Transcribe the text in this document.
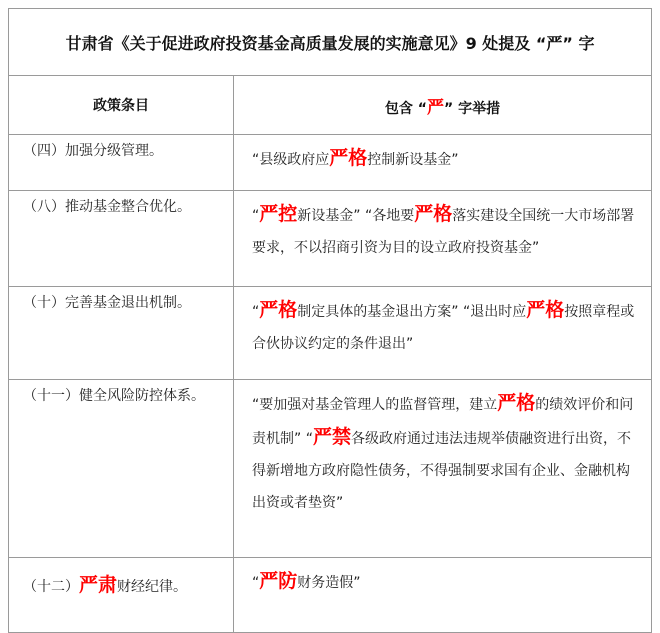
甘肃省《关于促进政府投资基金高质量发展的实施意见》9 处提及 “严” 字	
政策条目	包含 “严” 字举措
（四）加强分级管理。	“县级政府应严格控制新设基金”
（八）推动基金整合优化。	“严控新设基金” “各地要严格落实建设全国统一大市场部署要求，不以招商引资为目的设立政府投资基金”
（十）完善基金退出机制。	“严格制定具体的基金退出方案” “退出时应严格按照章程或合伙协议约定的条件退出”
（十一）健全风险防控体系。	“要加强对基金管理人的监督管理，建立严格的绩效评价和问责机制” “严禁各级政府通过违法违规举债融资进行出资，不得新增地方政府隐性债务，不得强制要求国有企业、金融机构出资或者垫资”
（十二）严肃财经纪律。	“严防财务造假”
